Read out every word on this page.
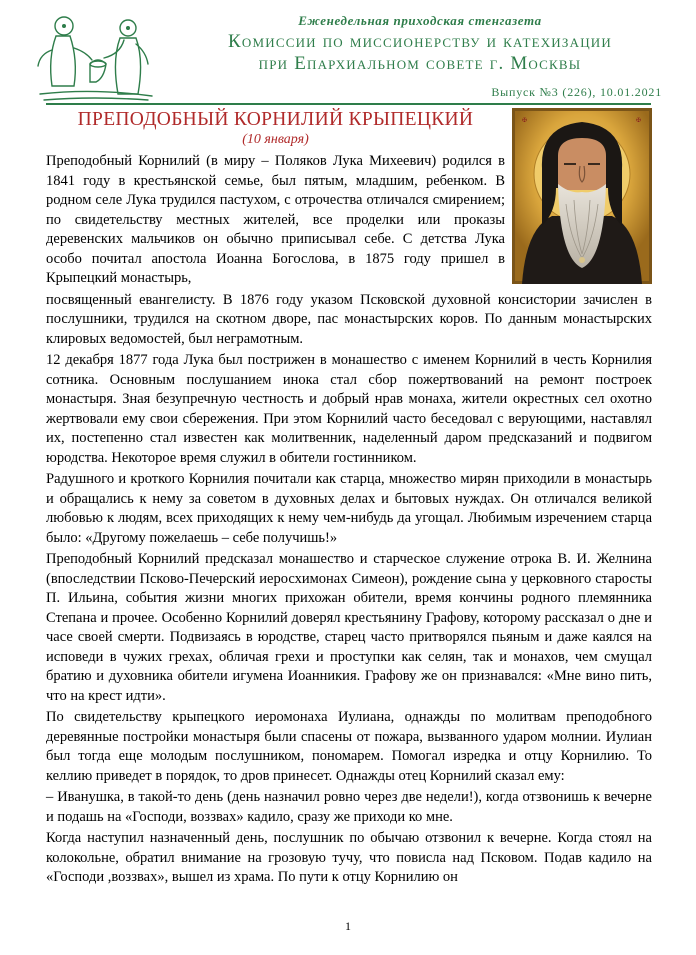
Еженедельная приходская стенгазета
Комиссии по миссионерству и катехизации
при Епархиальном совете г. Москвы
Выпуск №3 (226), 10.01.2021
ПРЕПОДОБНЫЙ КОРНИЛИЙ КРЫПЕЦКИЙ
(10 января)
✠	✠

Преподобный Корнилий (в миру – Поляков Лука Михеевич) родился в 1841 году в крестьянской семье, был пятым, младшим, ребенком. В родном селе Лука трудился пастухом, с отрочества отличался смирением; по свидетельству местных жителей, все проделки или проказы деревенских мальчиков он обычно приписывал себе. С детства Лука особо почитал апостола Иоанна Богослова, в 1875 году пришел в Крыпецкий монастырь,

посвященный евангелисту. В 1876 году указом Псковской духовной консистории зачислен в послушники, трудился на скотном дворе, пас монастырских коров. По данным монастырских клировых ведомостей, был неграмотным.

12 декабря 1877 года Лука был пострижен в монашество с именем Корнилий в честь Корнилия сотника. Основным послушанием инока стал сбор пожертвований на ремонт построек монастыря. Зная безупречную честность и добрый нрав монаха, жители окрестных сел охотно жертвовали ему свои сбережения. При этом Корнилий часто беседовал с верующими, наставлял их, постепенно стал известен как молитвенник, наделенный даром предсказаний и подвигом юродства. Некоторое время служил в обители гостинником.

Радушного и кроткого Корнилия почитали как старца, множество мирян приходили в монастырь и обращались к нему за советом в духовных делах и бытовых нуждах. Он отличался великой любовью к людям, всех приходящих к нему чем-нибудь да угощал. Любимым изречением старца было: «Другому пожелаешь – себе получишь!»

Преподобный Корнилий предсказал монашество и старческое служение отрока В. И. Желнина (впоследствии Псково-Печерский иеросхимонах Симеон), рождение сына у церковного старосты П. Ильина, события жизни многих прихожан обители, время кончины родного племянника Степана и прочее. Особенно Корнилий доверял крестьянину Графову, которому рассказал о дне и часе своей смерти. Подвизаясь в юродстве, старец часто притворялся пьяным и даже каялся на исповеди в чужих грехах, обличая грехи и проступки как селян, так и монахов, чем смущал братию и духовника обители игумена Иоанникия. Графову же он признавался: «Мне вино пить, что на крест идти».

По свидетельству крыпецкого иеромонаха Иулиана, однажды по молитвам преподобного деревянные постройки монастыря были спасены от пожара, вызванного ударом молнии. Иулиан был тогда еще молодым послушником, пономарем. Помогал изредка и отцу Корнилию. То келлию приведет в порядок, то дров принесет. Однажды отец Корнилий сказал ему:

– Иванушка, в такой-то день (день назначил ровно через две недели!), когда отзвонишь к вечерне и подашь на «Господи, воззвах» кадило, сразу же приходи ко мне.

Когда наступил назначенный день, послушник по обычаю отзвонил к вечерне. Когда стоял на колокольне, обратил внимание на грозовую тучу, что повисла над Псковом. Подав кадило на «Господи ,воззвах», вышел из храма. По пути к отцу Корнилию он

1
